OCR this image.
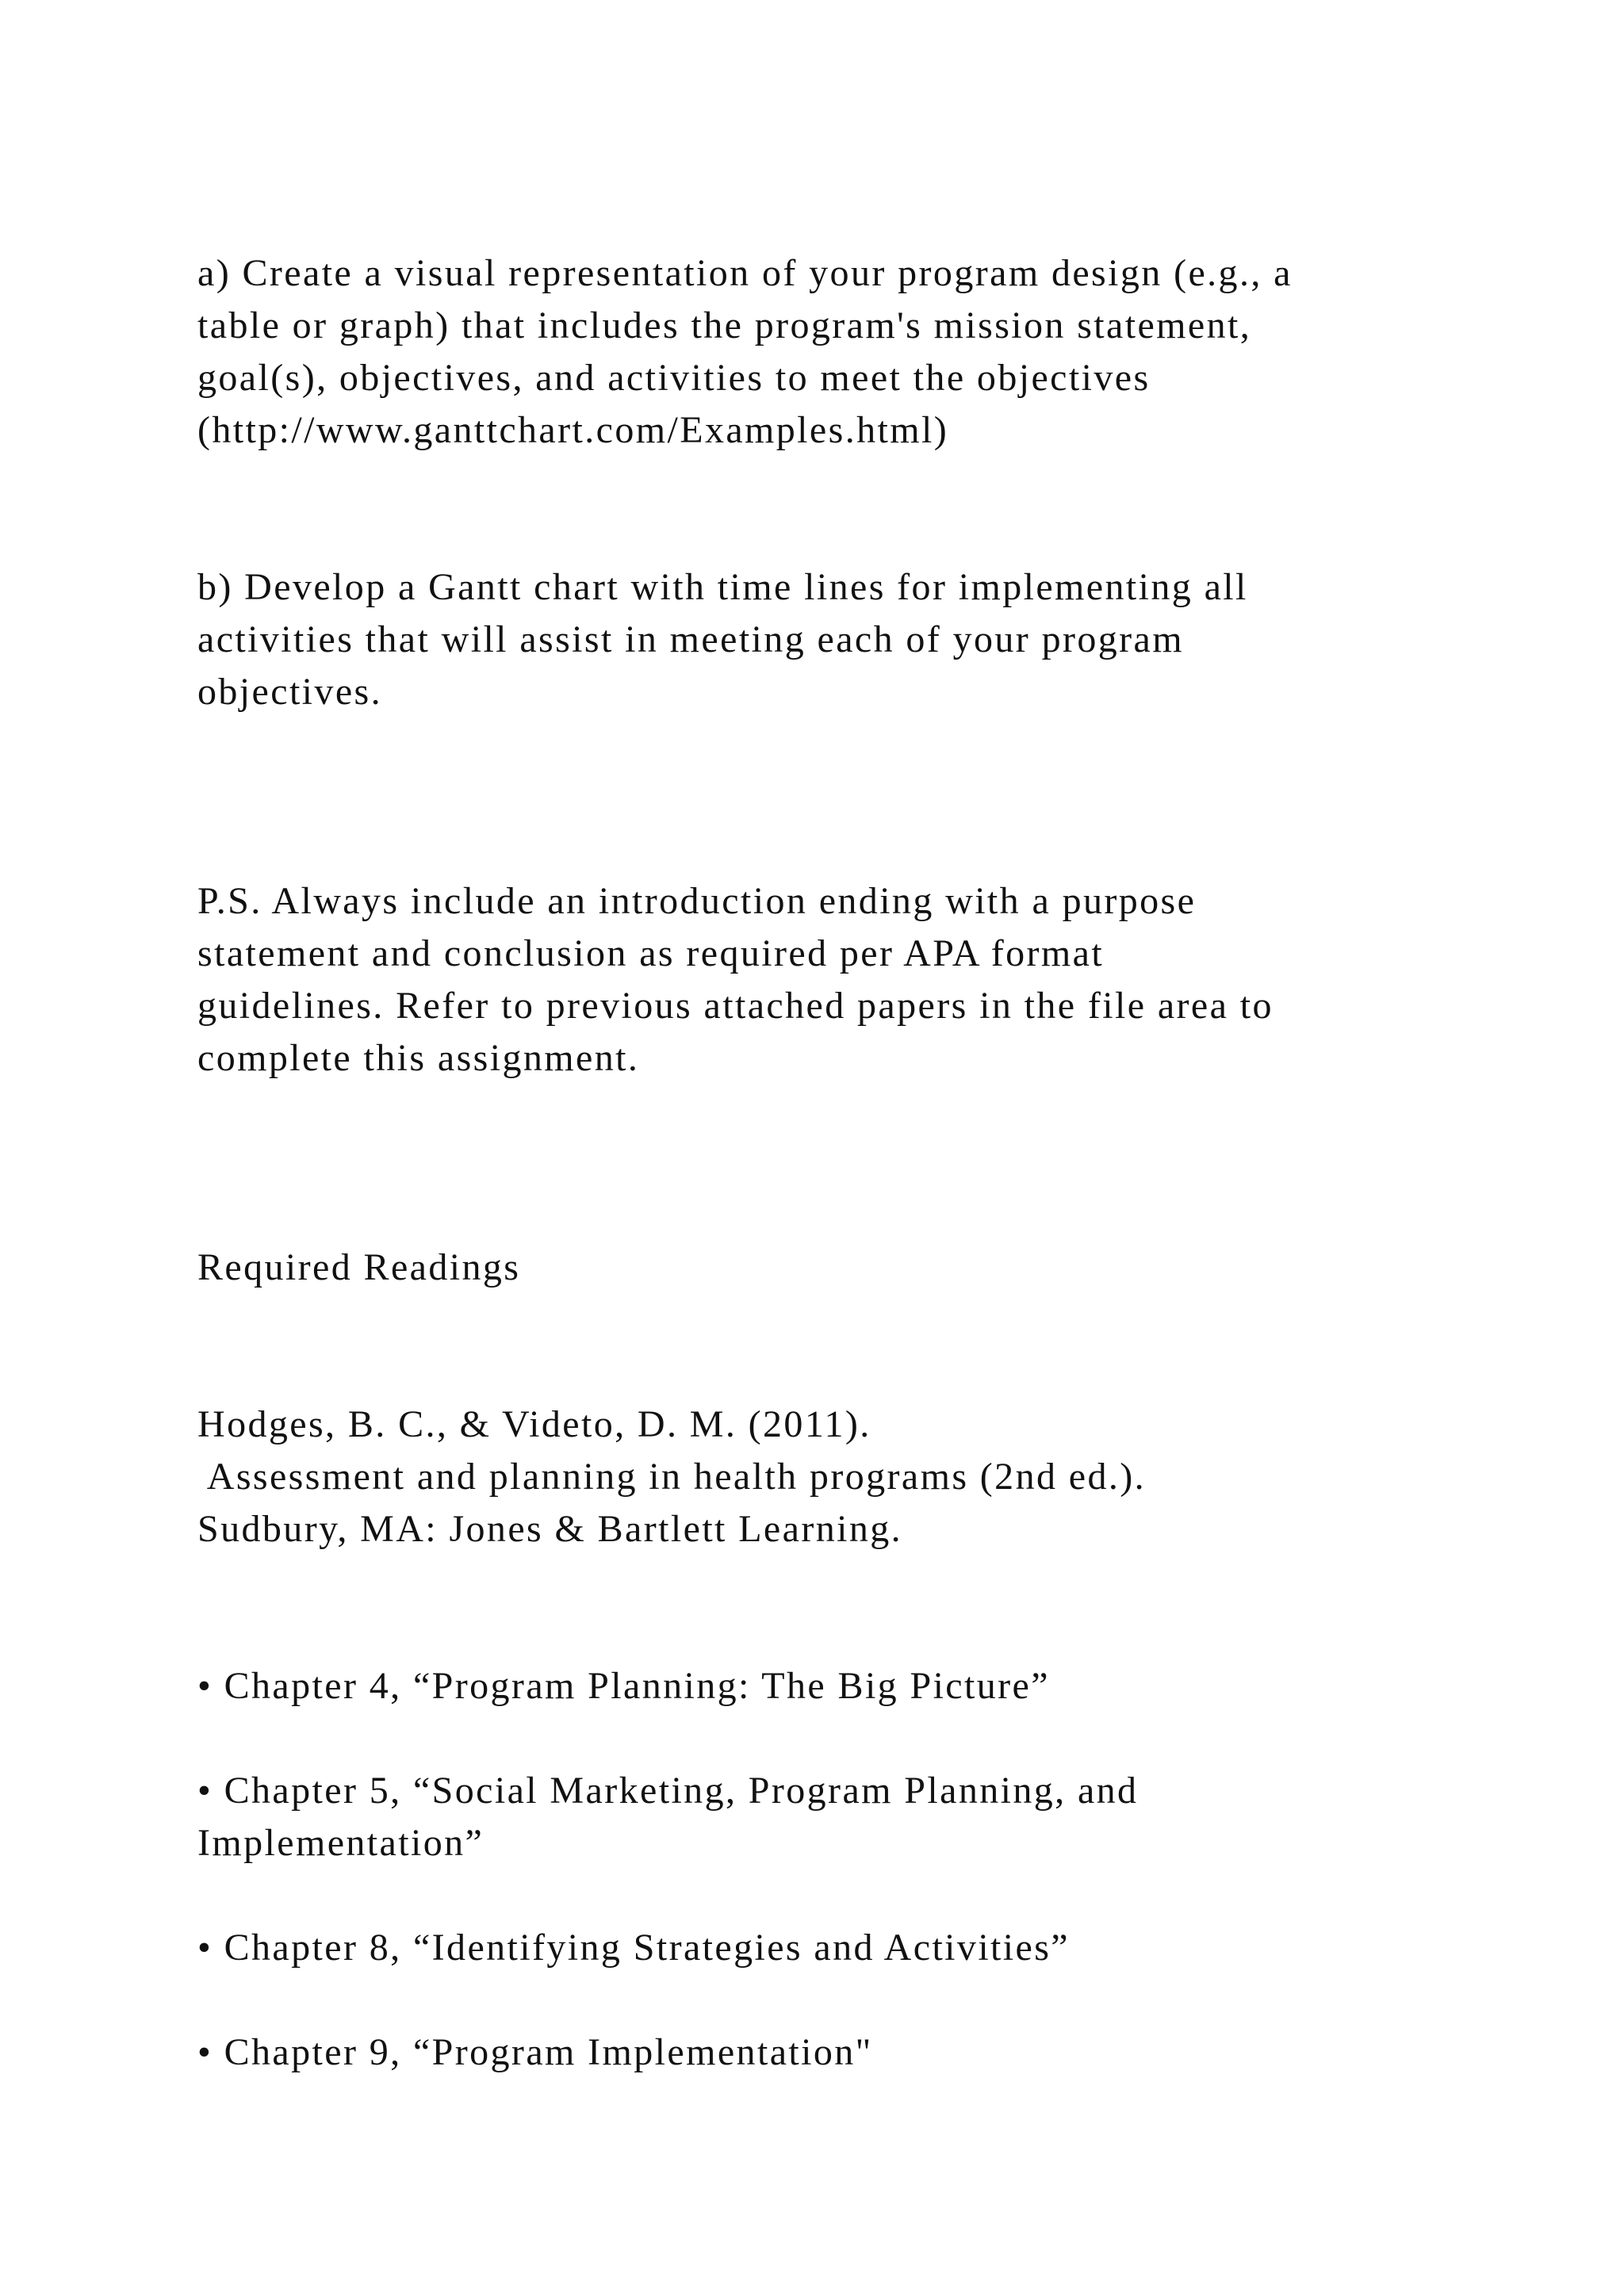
a) Create a visual representation of your program design (e.g., a
table or graph) that includes the program's mission statement,
goal(s), objectives, and activities to meet the objectives
(http://www.ganttchart.com/Examples.html)
b) Develop a Gantt chart with time lines for implementing all
activities that will assist in meeting each of your program
objectives.
P.S. Always include an introduction ending with a purpose
statement and conclusion as required per APA format
guidelines. Refer to previous attached papers in the file area to
complete this assignment.
Required Readings
Hodges, B. C., & Videto, D. M. (2011).
Assessment and planning in health programs (2nd ed.).
Sudbury, MA: Jones & Bartlett Learning.
• Chapter 4, “Program Planning: The Big Picture”
• Chapter 5, “Social Marketing, Program Planning, and
Implementation”
• Chapter 8, “Identifying Strategies and Activities”
• Chapter 9, “Program Implementation"
